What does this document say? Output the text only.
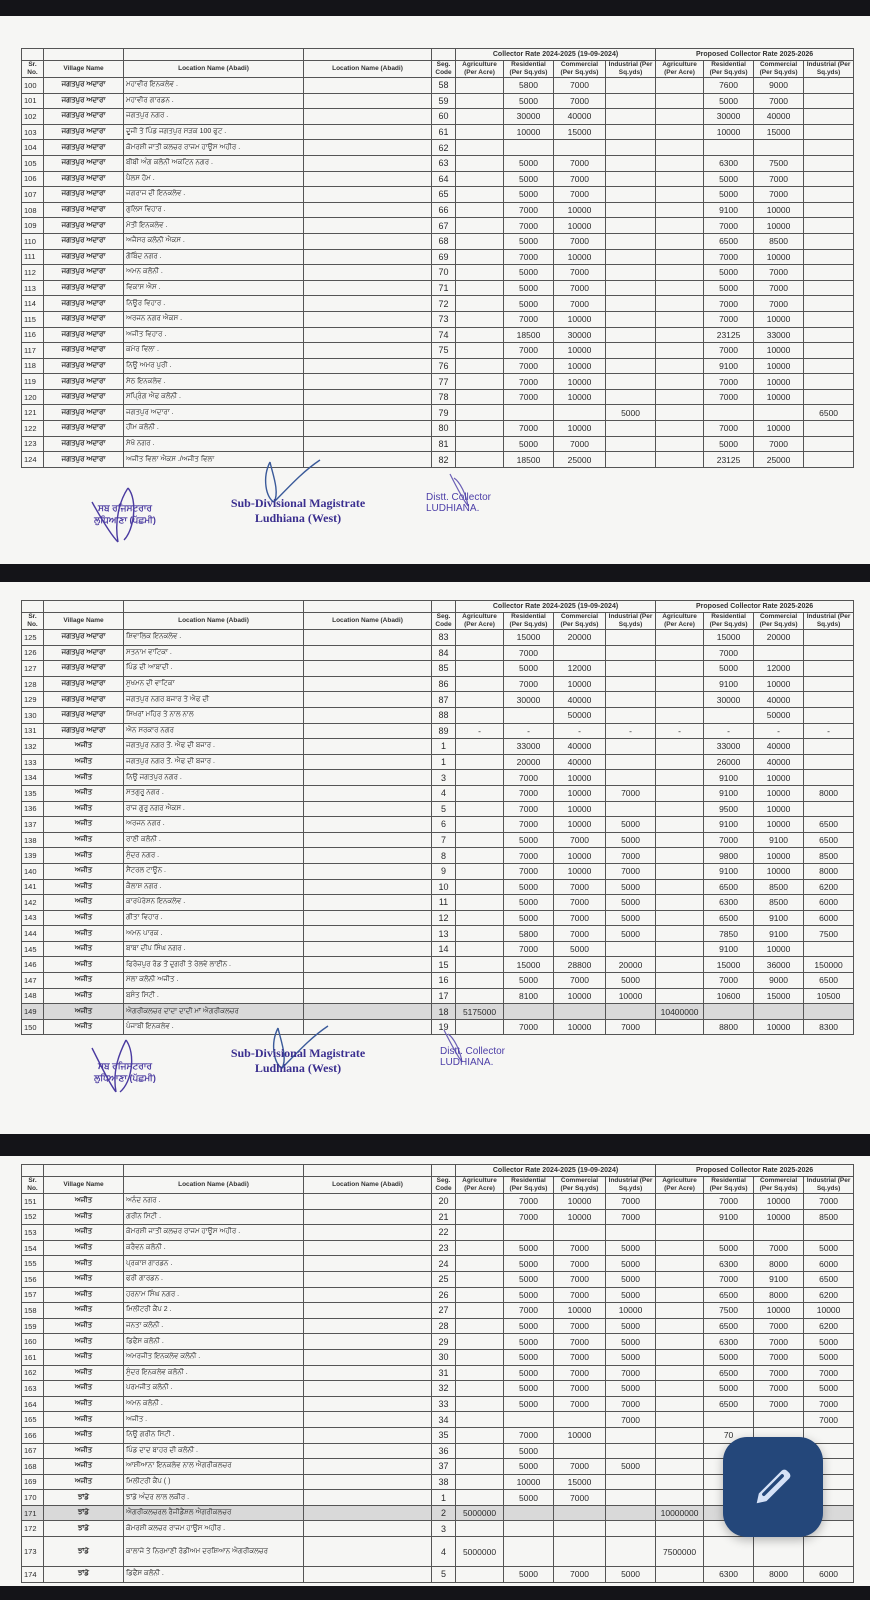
					Collector Rate 2024-2025 (19-09-2024)				Proposed Collector Rate 2025-2026			
Sr. No.	Village Name	Location Name (Abadi)	Location Name (Abadi)	Seg. Code	Agriculture (Per Acre)	Residential (Per Sq.yds)	Commercial (Per Sq.yds)	Industrial (Per Sq.yds)	Agriculture (Per Acre)	Residential (Per Sq.yds)	Commercial (Per Sq.yds)	Industrial (Per Sq.yds)
100	ਜਗਤਪੁਰ ਅਦਾਰਾ	ਮਹਾਵੀਰ ਇਨਕਲੇਵ .		58		5800	7000			7600	9000	
101	ਜਗਤਪੁਰ ਅਦਾਰਾ	ਮਹਾਵੀਰ ਗਾਰਡਨ .		59		5000	7000			5000	7000	
102	ਜਗਤਪੁਰ ਅਦਾਰਾ	ਜਗਤਪੁਰ ਨਗਰ .		60		30000	40000			30000	40000	
103	ਜਗਤਪੁਰ ਅਦਾਰਾ	ਦੂਜੀ ਤੇ ਪਿੰਡ ਜਗਤਪੁਰ ਸੜਕ 100 ਫੁਟ .		61		10000	15000			10000	15000	
104	ਜਗਤਪੁਰ ਅਦਾਰਾ	ਕੋਮਰਸ਼ੀ ਜਾਤੀ ਕਲਚਰ ਰਾਜਮ ਹਾਊਸ ਅਹੀਰ .		62								
105	ਜਗਤਪੁਰ ਅਦਾਰਾ	ਬੀਬੀ ਅੰਗ ਕਲੋਨੀ ਅਕਟਿਨ ਨਗਰ .		63		5000	7000			6300	7500	
106	ਜਗਤਪੁਰ ਅਦਾਰਾ	ਪੈਲਸ ਹੋਮ .		64		5000	7000			5000	7000	
107	ਜਗਤਪੁਰ ਅਦਾਰਾ	ਜਗਰਾਜ ਦੀ ਇਨਕਲੇਵ .		65		5000	7000			5000	7000	
108	ਜਗਤਪੁਰ ਅਦਾਰਾ	ਗੁਲਿਸ ਵਿਹਾਰ .		66		7000	10000			9100	10000	
109	ਜਗਤਪੁਰ ਅਦਾਰਾ	ਮੋਤੀ ਇਨਕਲੇਵ .		67		7000	10000			7000	10000	
110	ਜਗਤਪੁਰ ਅਦਾਰਾ	ਅਜੈਸਰ ਕਲੋਨੀ ਐਕਸ .		68		5000	7000			6500	8500	
111	ਜਗਤਪੁਰ ਅਦਾਰਾ	ਗੋਬਿੰਦ ਨਗਰ .		69		7000	10000			7000	10000	
112	ਜਗਤਪੁਰ ਅਦਾਰਾ	ਅਮਨ ਕਲੋਨੀ .		70		5000	7000			5000	7000	
113	ਜਗਤਪੁਰ ਅਦਾਰਾ	ਵਿਕਾਸ ਐਸ .		71		5000	7000			5000	7000	
114	ਜਗਤਪੁਰ ਅਦਾਰਾ	ਨਿਊਰ ਵਿਹਾਰ .		72		5000	7000			7000	7000	
115	ਜਗਤਪੁਰ ਅਦਾਰਾ	ਅਰਜਨ ਨਗਰ ਐਕਸ .		73		7000	10000			7000	10000	
116	ਜਗਤਪੁਰ ਅਦਾਰਾ	ਅਜੀਤ ਵਿਹਾਰ .		74		18500	30000			23125	33000	
117	ਜਗਤਪੁਰ ਅਦਾਰਾ	ਕਮੇਰ ਵਿਲਾ .		75		7000	10000			7000	10000	
118	ਜਗਤਪੁਰ ਅਦਾਰਾ	ਨਿਊ ਅਮਰ ਪੁਰੀ .		76		7000	10000			9100	10000	
119	ਜਗਤਪੁਰ ਅਦਾਰਾ	ਸੇਠ ਇਨਕਲੇਵ .		77		7000	10000			7000	10000	
120	ਜਗਤਪੁਰ ਅਦਾਰਾ	ਸਪ੍ਰਿੰਗ ਐਫ ਕਲੋਨੀ .		78		7000	10000			7000	10000	
121	ਜਗਤਪੁਰ ਅਦਾਰਾ	ਜਗਤਪੁਰ ਅਦਾਰਾ .		79				5000				6500
122	ਜਗਤਪੁਰ ਅਦਾਰਾ	ਹੀਮ ਕਲੋਨੀ .		80		7000	10000			7000	10000	
123	ਜਗਤਪੁਰ ਅਦਾਰਾ	ਸੇਖੋ ਨਗਰ .		81		5000	7000			5000	7000	
124	ਜਗਤਪੁਰ ਅਦਾਰਾ	ਅਜੀਤ ਵਿਲਾ ਐਕਸ ./ਅਜੀਤ ਵਿਲਾ		82		18500	25000			23125	25000	
ਸਬ ਰਜਿਸਟਰਾਰ
ਲੁਧਿਆਣਾ (ਪੱਛਮੀ)
Sub-Divisional Magistrate
Ludhiana (West)
Distt. Collector
LUDHIANA.
					Collector Rate 2024-2025 (19-09-2024)				Proposed Collector Rate 2025-2026			
Sr. No.	Village Name	Location Name (Abadi)	Location Name (Abadi)	Seg. Code	Agriculture (Per Acre)	Residential (Per Sq.yds)	Commercial (Per Sq.yds)	Industrial (Per Sq.yds)	Agriculture (Per Acre)	Residential (Per Sq.yds)	Commercial (Per Sq.yds)	Industrial (Per Sq.yds)
125	ਜਗਤਪੁਰ ਅਦਾਰਾ	ਸ਼ਿਵਾਲਿਕ ਇਨਕਲੇਵ .		83		15000	20000			15000	20000	
126	ਜਗਤਪੁਰ ਅਦਾਰਾ	ਸਤਨਾਮ ਵਾਟਿਕਾ .		84		7000				7000		
127	ਜਗਤਪੁਰ ਅਦਾਰਾ	ਪਿੰਡ ਦੀ ਆਬਾਦੀ .		85		5000	12000			5000	12000	
128	ਜਗਤਪੁਰ ਅਦਾਰਾ	ਸੁਖਮਨ ਦੀ ਵਾਟਿਕਾ		86		7000	10000			9100	10000	
129	ਜਗਤਪੁਰ ਅਦਾਰਾ	ਜਗਤਪੁਰ ਨਗਰ ਬਜਾਰ ਤੇ ਐਫ ਦੀ		87		30000	40000			30000	40000	
130	ਜਗਤਪੁਰ ਅਦਾਰਾ	ਸਿਖਰਾਂ ਮਹਿਰ ਤੇ ਨਾਲ ਨਾਲ		88			50000				50000	
131	ਜਗਤਪੁਰ ਅਦਾਰਾ	ਐਨ ਸਰਕਾਰ ਨਗਰ		89	-	-	-	-	-	-	-	-
132	ਅਜੀਤ	ਜਗਤਪੁਰ ਨਗਰ ਤੋਂ. ਐਫ ਦੀ ਬਜਾਰ .		1		33000	40000			33000	40000	
133	ਅਜੀਤ	ਜਗਤਪੁਰ ਨਗਰ ਤੋਂ. ਐਫ ਦੀ ਬਜਾਰ .		1		20000	40000			26000	40000	
134	ਅਜੀਤ	ਨਿਊ ਜਗਤਪੁਰ ਨਗਰ .		3		7000	10000			9100	10000	
135	ਅਜੀਤ	ਸਤਗੁਰੂ ਨਗਰ .		4		7000	10000	7000		9100	10000	8000
136	ਅਜੀਤ	ਰਾਜ ਗੁਰੂ ਨਗਰ ਐਕਸ .		5		7000	10000			9500	10000	
137	ਅਜੀਤ	ਅਰਜਨ ਨਗਰ .		6		7000	10000	5000		9100	10000	6500
138	ਅਜੀਤ	ਰਾਣੀ ਕਲੋਨੀ .		7		5000	7000	5000		7000	9100	6500
139	ਅਜੀਤ	ਸੁੰਦਰ ਨਗਰ .		8		7000	10000	7000		9800	10000	8500
140	ਅਜੀਤ	ਸੈਂਟਰਲ ਟਾਊਨ .		9		7000	10000	7000		9100	10000	8000
141	ਅਜੀਤ	ਕੈਲਾਸ਼ ਨਗਰ .		10		5000	7000	5000		6500	8500	6200
142	ਅਜੀਤ	ਕਾਰਪੋਰੇਸ਼ਨ ਇਨਕਲੇਵ .		11		5000	7000	5000		6300	8500	6000
143	ਅਜੀਤ	ਗੀਤਾ ਵਿਹਾਰ .		12		5000	7000	5000		6500	9100	6000
144	ਅਜੀਤ	ਅਮਨ ਪਾਰਕ .		13		5800	7000	5000		7850	9100	7500
145	ਅਜੀਤ	ਬਾਬਾ ਦੀਪ ਸਿੰਘ ਨਗਰ .		14		7000	5000			9100	10000	
146	ਅਜੀਤ	ਫਿਰੋਜ਼ਪੁਰ ਰੋਡ ਤੋਂ ਦੁਗਰੀ ਤੇ ਰੇਲਵੇ ਲਾਈਨ .		15		15000	28800	20000		15000	36000	150000
147	ਅਜੀਤ	ਮੱਲਾ ਕਲੋਨੀ ਅਜੀਤ .		16		5000	7000	5000		7000	9000	6500
148	ਅਜੀਤ	ਬਸੰਤ ਸਿਟੀ .		17		8100	10000	10000		10600	15000	10500
149	ਅਜੀਤ	ਐਗਰੀਕਲਚਰ ਦਾਦਾ ਦਾਦੀ ਮਾਂ ਐਗਰੀਕਲਚਰ		18	5175000				10400000			
150	ਅਜੀਤ	ਪੰਜਾਬੀ ਇਨਕਲੇਵ .		19		7000	10000	7000		8800	10000	8300
ਸਬ ਰਜਿਸਟਰਾਰ
ਲੁਧਿਆਣਾ (ਪੱਛਮੀ)
Sub-Divisional Magistrate
Ludhiana (West)
Distt. Collector
LUDHIANA.
					Collector Rate 2024-2025 (19-09-2024)				Proposed Collector Rate 2025-2026			
Sr. No.	Village Name	Location Name (Abadi)	Location Name (Abadi)	Seg. Code	Agriculture (Per Acre)	Residential (Per Sq.yds)	Commercial (Per Sq.yds)	Industrial (Per Sq.yds)	Agriculture (Per Acre)	Residential (Per Sq.yds)	Commercial (Per Sq.yds)	Industrial (Per Sq.yds)
151	ਅਜੀਤ	ਅਨੰਦ ਨਗਰ .		20		7000	10000	7000		7000	10000	7000
152	ਅਜੀਤ	ਗਰੀਨ ਸਿਟੀ .		21		7000	10000	7000		9100	10000	8500
153	ਅਜੀਤ	ਕੋਮਰਸ਼ੀ ਜਾਤੀ ਕਲਚਰ ਰਾਜਮ ਹਾਊਸ ਅਹੀਰ .		22								
154	ਅਜੀਤ	ਕਰੈਵਨ ਕਲੋਨੀ .		23		5000	7000	5000		5000	7000	5000
155	ਅਜੀਤ	ਪ੍ਰਕਾਸ਼ ਗਾਰਡਨ .		24		5000	7000	5000		6300	8000	6000
156	ਅਜੀਤ	ਫਰੀ ਗਾਰਡਨ .		25		5000	7000	5000		7000	9100	6500
157	ਅਜੀਤ	ਹਰਨਾਮ ਸਿੰਘ ਨਗਰ .		26		5000	7000	5000		6500	8000	6200
158	ਅਜੀਤ	ਮਿਲੀਟਰੀ ਕੈਂਪ 2 .		27		7000	10000	10000		7500	10000	10000
159	ਅਜੀਤ	ਜਨਤਾ ਕਲੋਨੀ .		28		5000	7000	5000		6500	7000	6200
160	ਅਜੀਤ	ਡਿਫੈਂਸ ਕਲੋਨੀ .		29		5000	7000	5000		6300	7000	5000
161	ਅਜੀਤ	ਅਮਰਜੀਤ ਇਨਕਲੇਵ ਕਲੋਨੀ .		30		5000	7000	5000		5000	7000	5000
162	ਅਜੀਤ	ਸੁੰਦਰ ਇਨਕਲੇਵ ਕਲੋਨੀ .		31		5000	7000	7000		6500	7000	7000
163	ਅਜੀਤ	ਪਰਮਜੀਤ ਕਲੋਨੀ .		32		5000	7000	5000		5000	7000	5000
164	ਅਜੀਤ	ਅਮਨ ਕਲੋਨੀ .		33		5000	7000	7000		6500	7000	7000
165	ਅਜੀਤ	ਅਜੀਤ .		34				7000				7000
166	ਅਜੀਤ	ਨਿਊ ਗਰੀਨ ਸਿਟੀ .		35		7000	10000			70		
167	ਅਜੀਤ	ਪਿੰਡ ਦਾਦ ਬਾਹਰ ਦੀ ਕਲੋਨੀ .		36		5000						
168	ਅਜੀਤ	ਆਸ਼ੀਆਨਾ ਇਨਕਲੇਵ ਨਾਲ ਐਗਰੀਕਲਚਰ		37		5000	7000	5000				
169	ਅਜੀਤ	ਮਿਲੀਟਰੀ ਕੈਂਪ ( )		38		10000	15000					
170	ਝਾਂਡੇ	ਝਾਂਡੇ ਅੰਦਰ ਲਾਲ ਲਕੀਰ .		1		5000	7000					
171	ਝਾਂਡੇ	ਐਗਰੀਕਲਚਰਲ ਰੈਜੀਡੈਂਸ਼ਲ ਐਗਰੀਕਲਚਰ		2	5000000				10000000			
172	ਝਾਂਡੇ	ਕੋਮਰਸ਼ੀ ਕਲਚਰ ਰਾਜਮ ਹਾਊਸ ਅਹੀਰ .		3								
173	ਝਾਂਡੇ	ਕਾਲਾਜੇ ਤੇ ਨਿਰਮਾਣੀ ਰੋਡੀਅਮ ਦਰਸ਼ਿਆਨ ਐਗਰੀਕਲਚਰ		4	5000000				7500000			
174	ਝਾਂਡੇ	ਡਿਫੈਂਸ ਕਲੋਨੀ .		5		5000	7000	5000		6300	8000	6000
